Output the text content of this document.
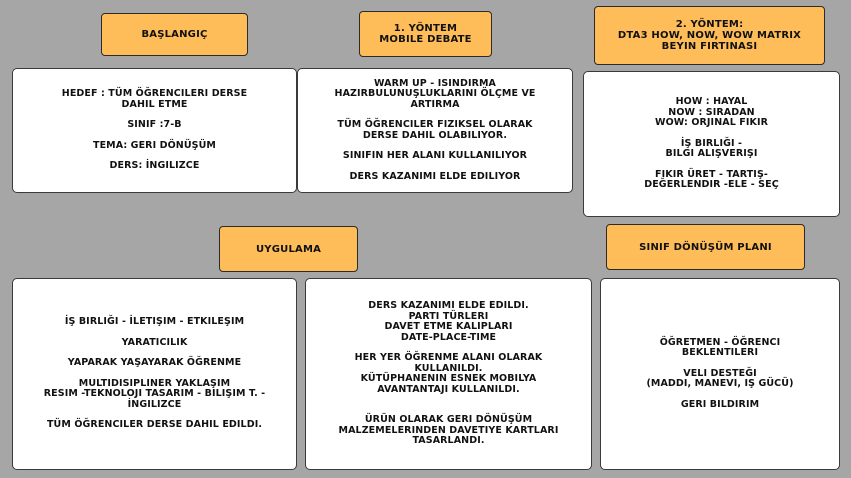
BAŞLANGIÇ
1. YÖNTEM
MOBILE DEBATE
2. YÖNTEM:
DTA3 HOW, NOW, WOW MATRIX
BEYIN FIRTINASI
UYGULAMA	SINIF DÖNÜŞÜM PLANI
HEDEF : TÜM ÖĞRENCILERI DERSE
DAHIL ETME
SINIF :7-B
TEMA: GERI DÖNÜŞÜM
DERS: İNGILIZCE
WARM UP - ISINDIRMA
HAZIRBULUNUŞLUKLARINI ÖLÇME VE
ARTIRMA
TÜM ÖĞRENCILER FIZIKSEL OLARAK
DERSE DAHIL OLABILIYOR.
SINIFIN HER ALANI KULLANILIYOR
DERS KAZANIMI ELDE EDILIYOR
HOW : HAYAL
NOW : SIRADAN
WOW: ORJINAL FIKIR
İŞ BIRLIĞI -
BILGI ALIŞVERIŞI
FIKIR ÜRET - TARTIŞ-
DEĞERLENDIR -ELE - SEÇ
İŞ BIRLIĞI - İLETIŞIM - ETKILEŞIM
YARATICILIK
YAPARAK YAŞAYARAK ÖĞRENME
MULTIDISIPLINER YAKLAŞIM
RESIM -TEKNOLOJI TASARIM - BILIŞIM T. -
İNGILIZCE
TÜM ÖĞRENCILER DERSE DAHIL EDILDI.
DERS KAZANIMI ELDE EDILDI.
PARTI TÜRLERI
DAVET ETME KALIPLARI
DATE-PLACE-TIME
HER YER ÖĞRENME ALANI OLARAK
KULLANILDI.
KÜTÜPHANENIN ESNEK MOBILYA
AVANTANTAJI KULLANILDI.
ÜRÜN OLARAK GERI DÖNÜŞÜM
MALZEMELERINDEN DAVETIYE KARTLARI
TASARLANDI.
ÖĞRETMEN - ÖĞRENCI
BEKLENTILERI
VELI DESTEĞI
(MADDI, MANEVI, IŞ GÜCÜ)
GERI BILDIRIM
